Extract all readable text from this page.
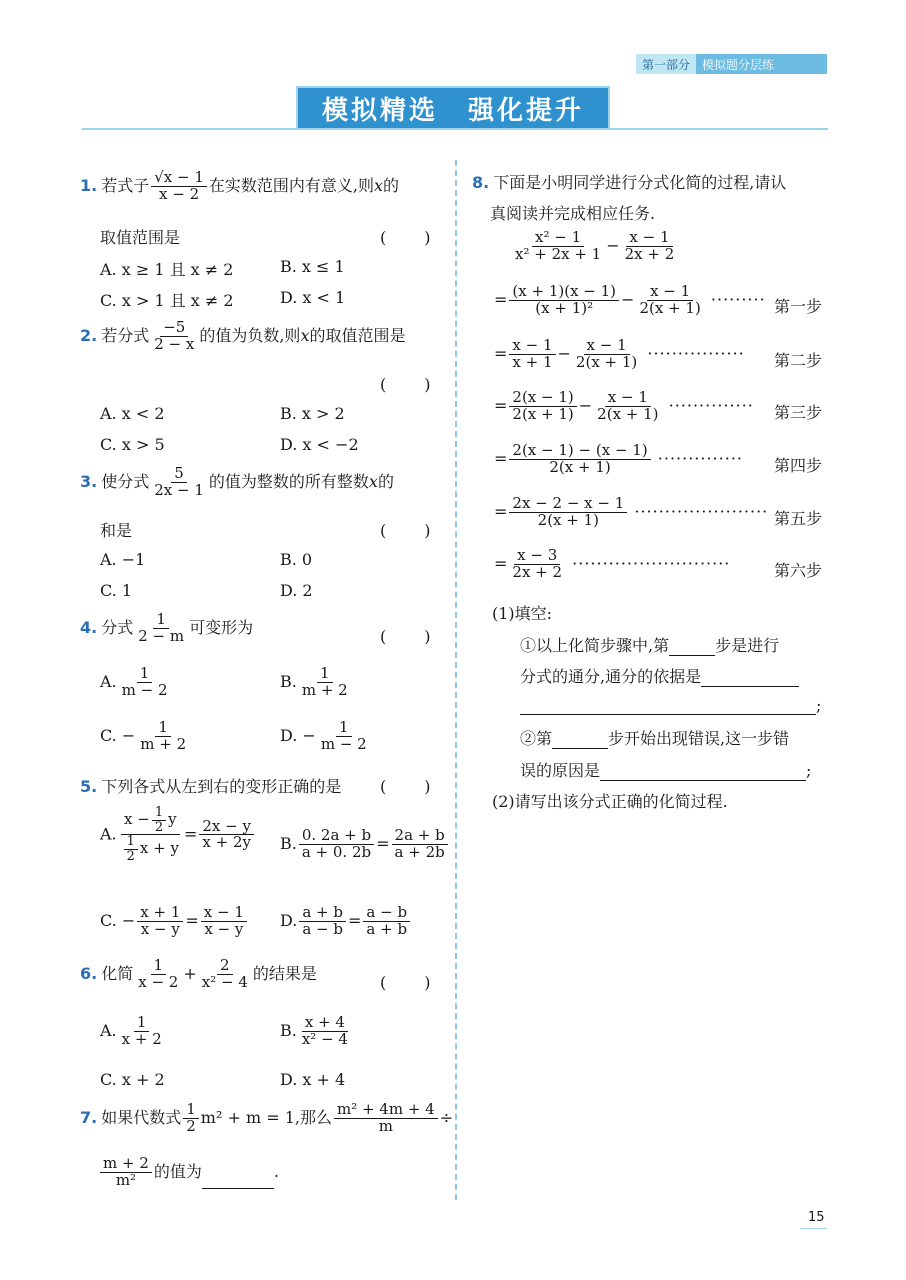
第一部分	模拟题分层练
模拟精选 强化提升
1. 若式子 $\frac{√x - 1}{x - 2}$ 在实数范围内有意义,则x的
取值范围是	(　　)
A. x ≥ 1 且 x ≠ 2	B. x ≤ 1
C. x > 1 且 x ≠ 2	D. x < 1
2. 若分式 $\frac{-5}{2 - x}$ 的值为负数,则x的取值范围是
(　　)
A. x < 2	B. x > 2
C. x > 5	D. x < −2
3. 使分式 $\frac{5}{2x - 1}$ 的值为整数的所有整数x的
和是	(　　)
A. −1	B. 0
C. 1	D. 2
4. 分式 $\frac{1}{2 - m}$ 可变形为	(　　)
A. $\frac{1}{m - 2}$	B. $\frac{1}{m + 2}$
C. − $\frac{1}{m + 2}$	D. − $\frac{1}{m - 2}$
5. 下列各式从左到右的变形正确的是 (　　)
A. $\frac{x - \frac{1}{2} y}{\frac{1}{2} x + y} = \frac{2x - y}{x + 2y} B$. $\frac{0. 2a + b}{a + 0. 2b} = \frac{2a + b}{a + 2b}$
C. − $\frac{x + 1}{x - y} = \frac{x - 1}{x - y} D$. $\frac{a + b}{a - b} = \frac{a - b}{a + b}$
6. 化简 $\frac{1}{x - 2} + \frac{2}{\text{x² − 4}}$ 的结果是	(　　)
A. $\frac{1}{x + 2}$	B. $\frac{x + 4}{\text{x² − 4}}$
C. x + 2	D. x + 4
7. 如果代数式 $\frac{1}{2} m^2 + m = 1$,那么 $\frac{\text{m² + 4m + 4}}{m}$ ÷
$\frac{m + 2}{\text{m²}}$ 的值为	.
8. 下面是小明同学进行分式化简的过程,请认
真阅读并完成相应任务.
$\frac{\text{x² − 1}}{\text{x² + 2x + 1}} - \frac{x - 1}{2x + 2}$
= $\frac{(x + 1)(x - 1)}{\text{(x + 1)²}} - \frac{x - 1}{2(x + 1)}$ ········· 第一步
= $\frac{x - 1}{x + 1} - \frac{x - 1}{2(x + 1)}$ ················ 第二步
= $\frac{2(x - 1)}{2(x + 1)} - \frac{x - 1}{2(x + 1)}$ ·············· 第三步
= $\frac{2(x - 1) - (x - 1)}{2(x + 1)}$ ·············· 第四步
= $\frac{2x - 2 - x - 1}{2(x + 1)}$ ······················ 第五步
= $\frac{x - 3}{2x + 2}$ ··························	第六步
(1)填空:
①以上化简步骤中,第	步是进行
分式的通分,通分的依据是
;
②第	步开始出现错误,这一步错
误的原因是	;
(2)请写出该分式正确的化简过程.
15
